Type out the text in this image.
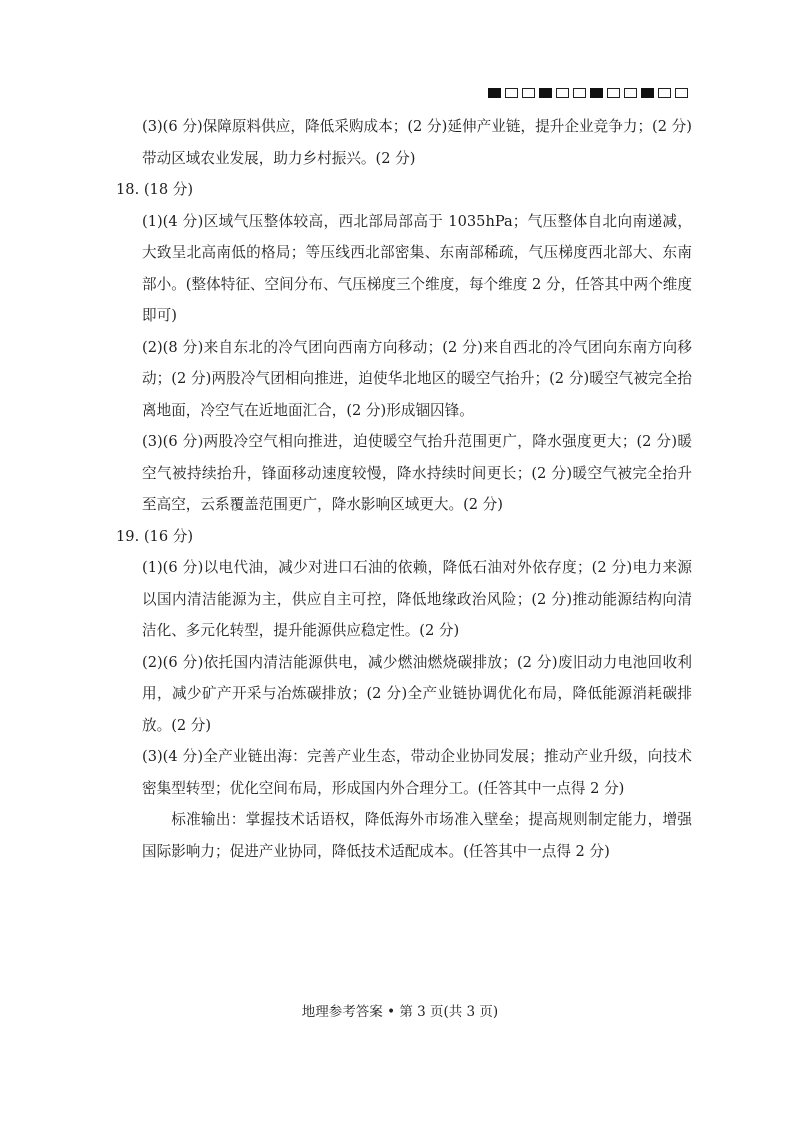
(3)(6 分)保障原料供应，降低采购成本；(2 分)延伸产业链，提升企业竞争力；(2 分)带动区域农业发展，助力乡村振兴。(2 分)

18. (18 分)

(1)(4 分)区域气压整体较高，西北部局部高于 1035hPa；气压整体自北向南递减，大致呈北高南低的格局；等压线西北部密集、东南部稀疏，气压梯度西北部大、东南部小。(整体特征、空间分布、气压梯度三个维度，每个维度 2 分，任答其中两个维度即可)

(2)(8 分)来自东北的冷气团向西南方向移动；(2 分)来自西北的冷气团向东南方向移动；(2 分)两股冷气团相向推进，迫使华北地区的暖空气抬升；(2 分)暖空气被完全抬离地面，冷空气在近地面汇合，(2 分)形成锢囚锋。

(3)(6 分)两股冷空气相向推进，迫使暖空气抬升范围更广，降水强度更大；(2 分)暖空气被持续抬升，锋面移动速度较慢，降水持续时间更长；(2 分)暖空气被完全抬升至高空，云系覆盖范围更广，降水影响区域更大。(2 分)

19. (16 分)

(1)(6 分)以电代油，减少对进口石油的依赖，降低石油对外依存度；(2 分)电力来源以国内清洁能源为主，供应自主可控，降低地缘政治风险；(2 分)推动能源结构向清洁化、多元化转型，提升能源供应稳定性。(2 分)

(2)(6 分)依托国内清洁能源供电，减少燃油燃烧碳排放；(2 分)废旧动力电池回收利用，减少矿产开采与冶炼碳排放；(2 分)全产业链协调优化布局，降低能源消耗碳排放。(2 分)

(3)(4 分)全产业链出海：完善产业生态，带动企业协同发展；推动产业升级，向技术密集型转型；优化空间布局，形成国内外合理分工。(任答其中一点得 2 分)

标准输出：掌握技术话语权，降低海外市场准入壁垒；提高规则制定能力，增强国际影响力；促进产业协同，降低技术适配成本。(任答其中一点得 2 分)

地理参考答案 • 第 3 页(共 3 页)
